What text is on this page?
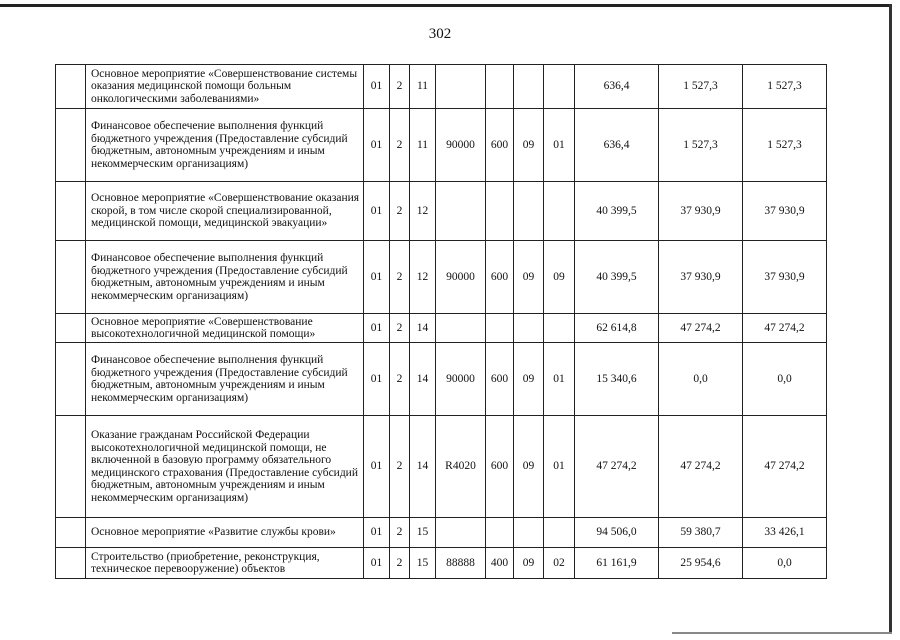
302
	Основное мероприятие «Совершенствование системы оказания медицинской помощи больным онкологическими заболеваниями»	01	2	11					636,4	1 527,3	1 527,3
	Финансовое обеспечение выполнения функций бюджетного учреждения (Предоставление субсидий бюджетным, автономным учреждениям и иным некоммерческим организациям)	01	2	11	90000	600	09	01	636,4	1 527,3	1 527,3
	Основное мероприятие «Совершенствование оказания скорой, в том числе скорой специализированной, медицинской помощи, медицинской эвакуации»	01	2	12					40 399,5	37 930,9	37 930,9
	Финансовое обеспечение выполнения функций бюджетного учреждения (Предоставление субсидий бюджетным, автономным учреждениям и иным некоммерческим организациям)	01	2	12	90000	600	09	09	40 399,5	37 930,9	37 930,9
	Основное мероприятие «Совершенствование высокотехнологичной медицинской помощи»	01	2	14					62 614,8	47 274,2	47 274,2
	Финансовое обеспечение выполнения функций бюджетного учреждения (Предоставление субсидий бюджетным, автономным учреждениям и иным некоммерческим организациям)	01	2	14	90000	600	09	01	15 340,6	0,0	0,0
	Оказание гражданам Российской Федерации высокотехнологичной медицинской помощи, не включенной в базовую программу обязательного медицинского страхования (Предоставление субсидий бюджетным, автономным учреждениям и иным некоммерческим организациям)	01	2	14	R4020	600	09	01	47 274,2	47 274,2	47 274,2
	Основное мероприятие «Развитие службы крови»	01	2	15					94 506,0	59 380,7	33 426,1
	Строительство (приобретение, реконструкция, техническое перевооружение) объектов	01	2	15	88888	400	09	02	61 161,9	25 954,6	0,0
